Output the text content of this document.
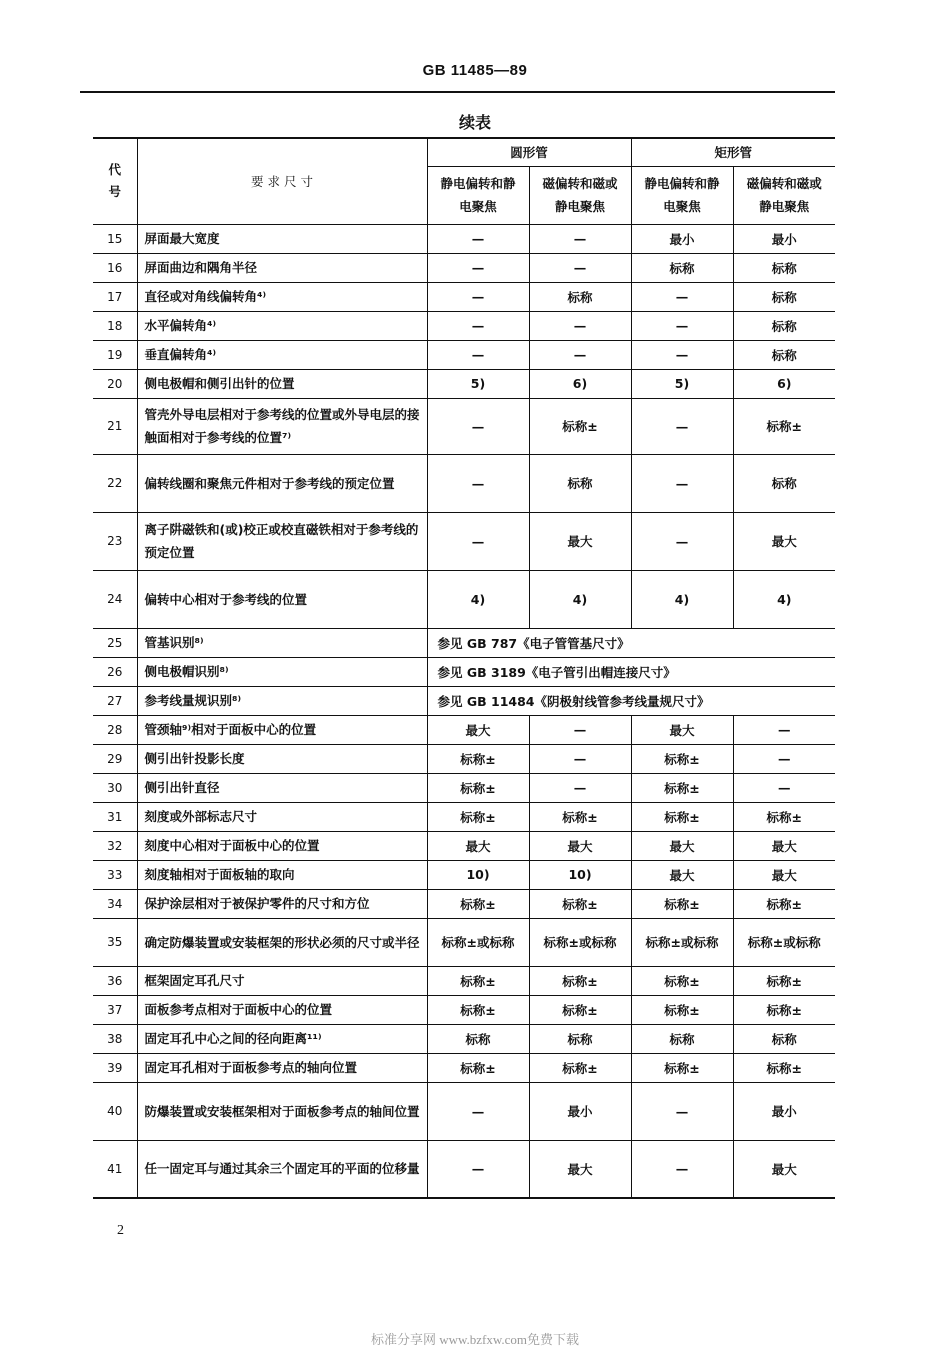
GB 11485—89
续表
代号	要 求 尺 寸	圆形管		矩形管	
		静电偏转和静电聚焦	磁偏转和磁或静电聚焦	静电偏转和静电聚焦	磁偏转和磁或静电聚焦
15	屏面最大宽度	—	—	最小	最小
16	屏面曲边和隅角半径	—	—	标称	标称
17	直径或对角线偏转角⁴⁾	—	标称	—	标称
18	水平偏转角⁴⁾	—	—	—	标称
19	垂直偏转角⁴⁾	—	—	—	标称
20	侧电极帽和侧引出针的位置	5)	6)	5)	6)
21	管壳外导电层相对于参考线的位置或外导电层的接触面相对于参考线的位置⁷⁾	—	标称±	—	标称±
22	偏转线圈和聚焦元件相对于参考线的预定位置	—	标称	—	标称
23	离子阱磁铁和(或)校正或校直磁铁相对于参考线的预定位置	—	最大	—	最大
24	偏转中心相对于参考线的位置	4)	4)	4)	4)
25	管基识别⁸⁾	参见 GB 787《电子管管基尺寸》			
26	侧电极帽识别⁸⁾	参见 GB 3189《电子管引出帽连接尺寸》			
27	参考线量规识别⁸⁾	参见 GB 11484《阴极射线管参考线量规尺寸》			
28	管颈轴⁹⁾相对于面板中心的位置	最大	—	最大	—
29	侧引出针投影长度	标称±	—	标称±	—
30	侧引出针直径	标称±	—	标称±	—
31	刻度或外部标志尺寸	标称±	标称±	标称±	标称±
32	刻度中心相对于面板中心的位置	最大	最大	最大	最大
33	刻度轴相对于面板轴的取向	10)	10)	最大	最大
34	保护涂层相对于被保护零件的尺寸和方位	标称±	标称±	标称±	标称±
35	确定防爆装置或安装框架的形状必须的尺寸或半径	标称±或标称	标称±或标称	标称±或标称	标称±或标称
36	框架固定耳孔尺寸	标称±	标称±	标称±	标称±
37	面板参考点相对于面板中心的位置	标称±	标称±	标称±	标称±
38	固定耳孔中心之间的径向距离¹¹⁾	标称	标称	标称	标称
39	固定耳孔相对于面板参考点的轴向位置	标称±	标称±	标称±	标称±
40	防爆装置或安装框架相对于面板参考点的轴间位置	—	最小	—	最小
41	任一固定耳与通过其余三个固定耳的平面的位移量	—	最大	—	最大
2
标准分享网 www.bzfxw.com免费下载
